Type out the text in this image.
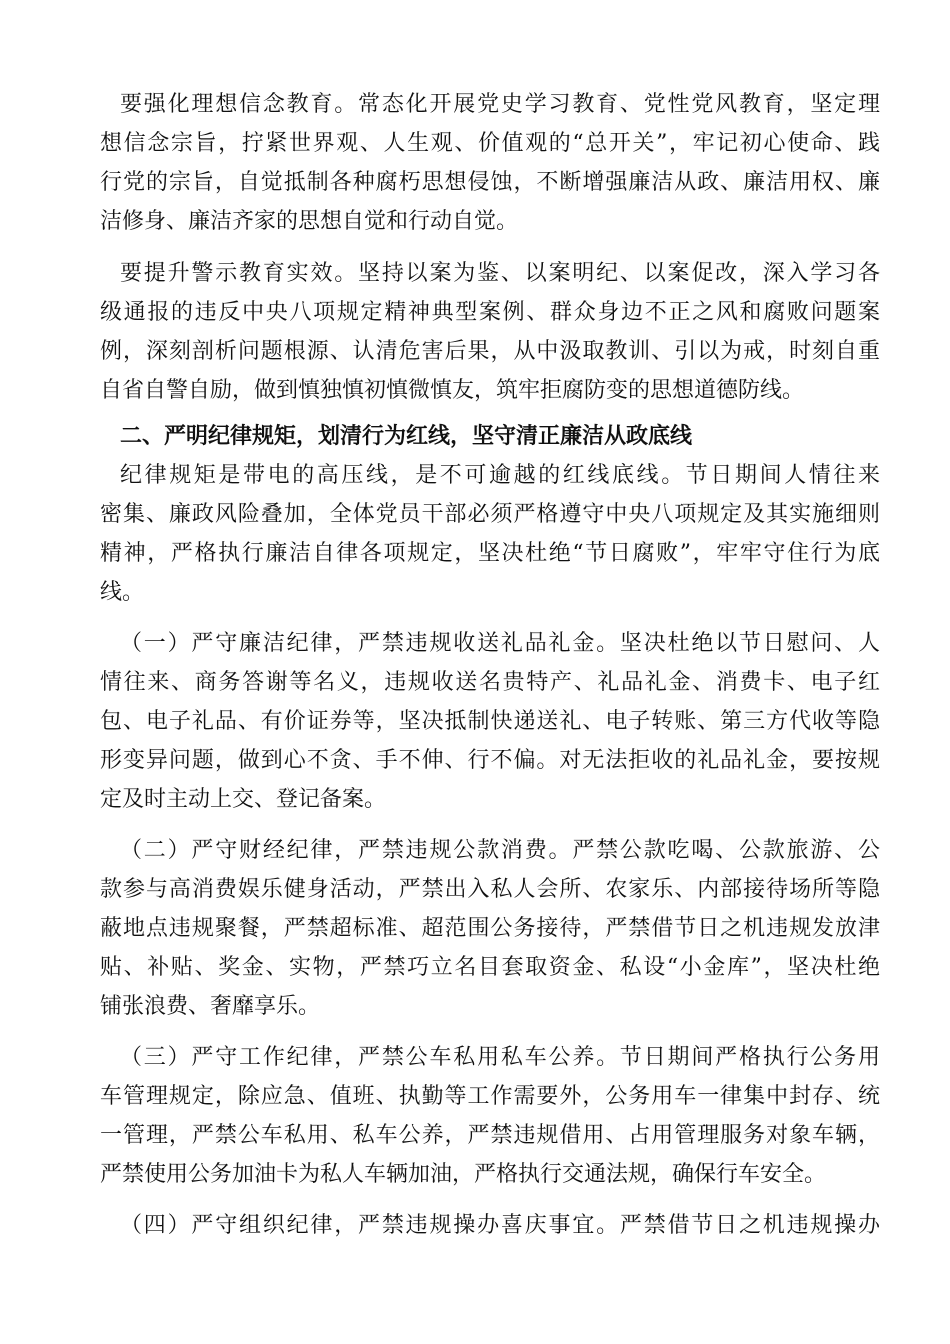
要强化理想信念教育。常态化开展党史学习教育、党性党风教育，坚定理
想信念宗旨，拧紧世界观、人生观、价值观的“总开关”，牢记初心使命、践
行党的宗旨，自觉抵制各种腐朽思想侵蚀，不断增强廉洁从政、廉洁用权、廉
洁修身、廉洁齐家的思想自觉和行动自觉。
要提升警示教育实效。坚持以案为鉴、以案明纪、以案促改，深入学习各
级通报的违反中央八项规定精神典型案例、群众身边不正之风和腐败问题案
例，深刻剖析问题根源、认清危害后果，从中汲取教训、引以为戒，时刻自重
自省自警自励，做到慎独慎初慎微慎友，筑牢拒腐防变的思想道德防线。
二、严明纪律规矩，划清行为红线，坚守清正廉洁从政底线
纪律规矩是带电的高压线，是不可逾越的红线底线。节日期间人情往来
密集、廉政风险叠加，全体党员干部必须严格遵守中央八项规定及其实施细则
精神，严格执行廉洁自律各项规定，坚决杜绝“节日腐败”，牢牢守住行为底
线。
（一）严守廉洁纪律，严禁违规收送礼品礼金。坚决杜绝以节日慰问、人
情往来、商务答谢等名义，违规收送名贵特产、礼品礼金、消费卡、电子红
包、电子礼品、有价证券等，坚决抵制快递送礼、电子转账、第三方代收等隐
形变异问题，做到心不贪、手不伸、行不偏。对无法拒收的礼品礼金，要按规
定及时主动上交、登记备案。
（二）严守财经纪律，严禁违规公款消费。严禁公款吃喝、公款旅游、公
款参与高消费娱乐健身活动，严禁出入私人会所、农家乐、内部接待场所等隐
蔽地点违规聚餐，严禁超标准、超范围公务接待，严禁借节日之机违规发放津
贴、补贴、奖金、实物，严禁巧立名目套取资金、私设“小金库”，坚决杜绝
铺张浪费、奢靡享乐。
（三）严守工作纪律，严禁公车私用私车公养。节日期间严格执行公务用
车管理规定，除应急、值班、执勤等工作需要外，公务用车一律集中封存、统
一管理，严禁公车私用、私车公养，严禁违规借用、占用管理服务对象车辆，
严禁使用公务加油卡为私人车辆加油，严格执行交通法规，确保行车安全。
（四）严守组织纪律，严禁违规操办喜庆事宜。严禁借节日之机违规操办
